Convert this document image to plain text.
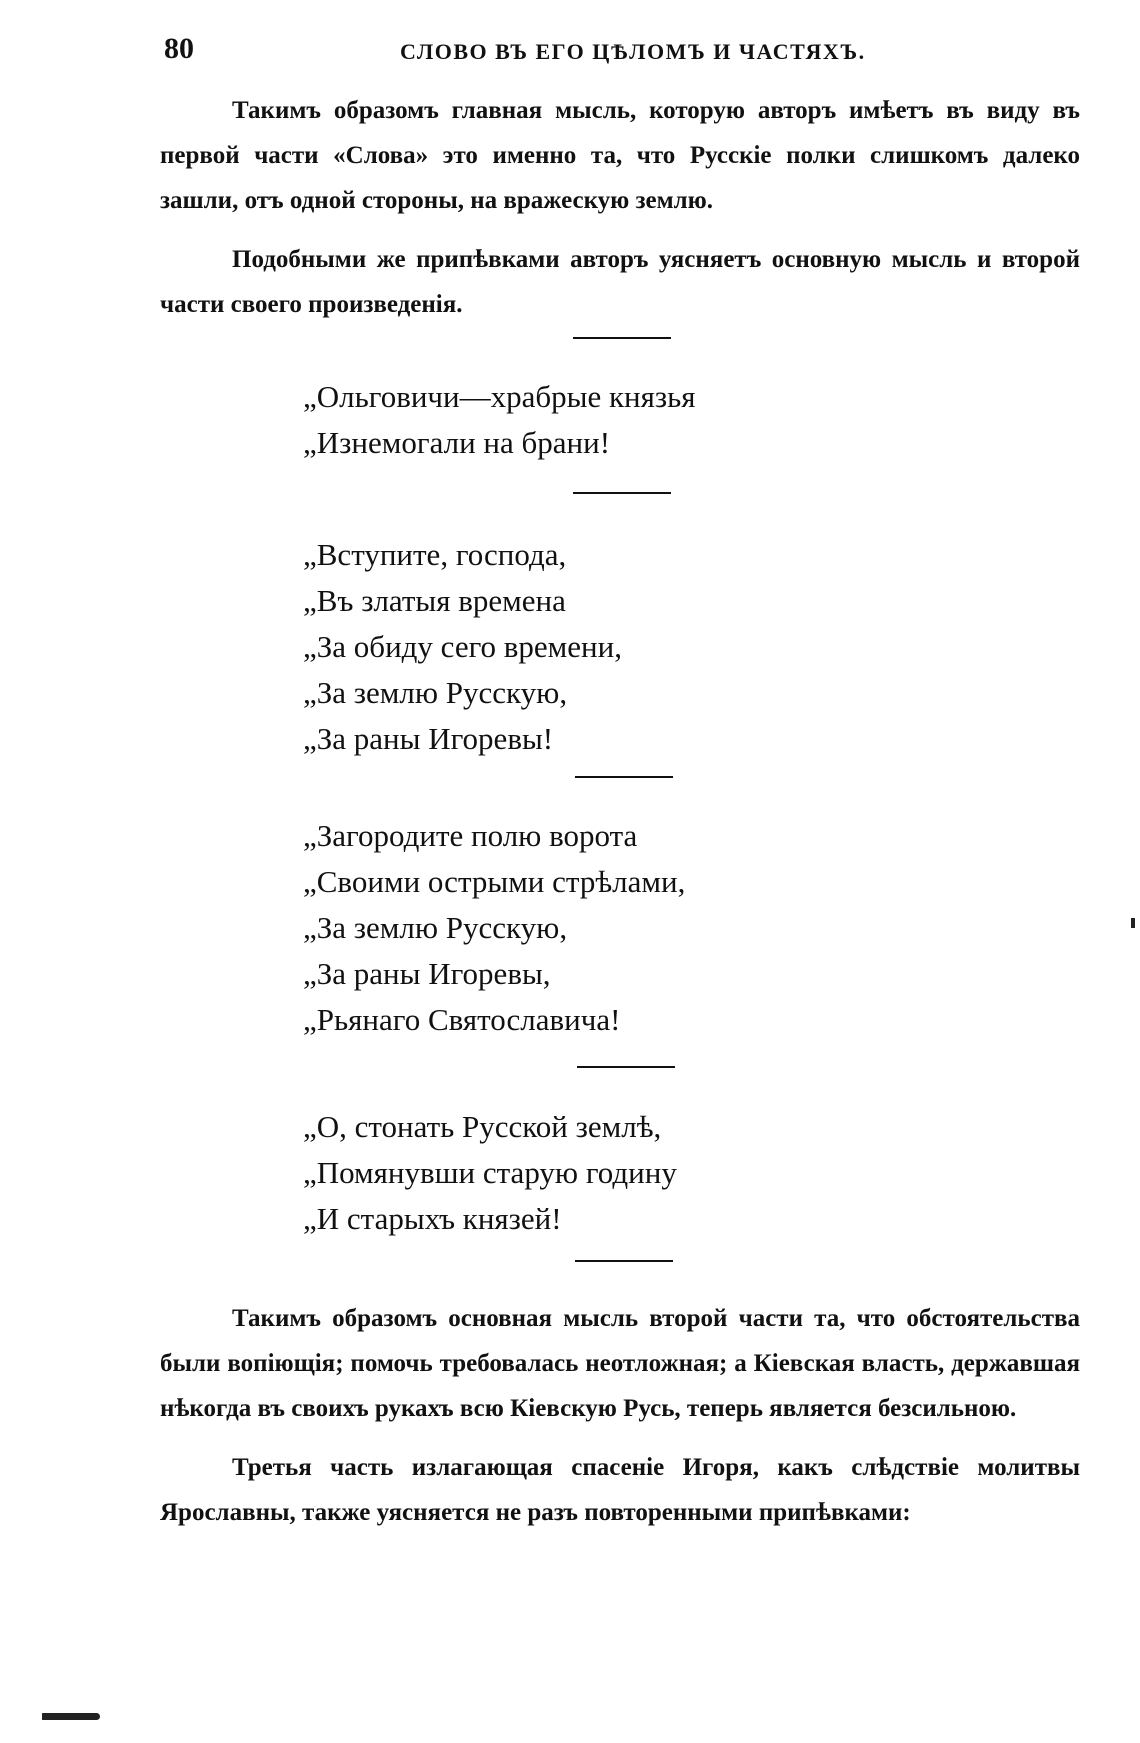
80	СЛОВО ВЪ ЕГО ЦѢЛОМЪ И ЧАСТЯХЪ.

Такимъ образомъ главная мысль, которую авторъ имѣетъ въ виду въ первой части «Слова» это именно та, что Русскіе полки слишкомъ далеко зашли, отъ одной стороны, на вражескую землю.

Подобными же припѣвками авторъ уясняетъ основную мысль и второй части своего произведенія.

„Ольговичи—храбрые князья
„Изнемогали на брани!
„Вступите, господа,
„Въ златыя времена
„За обиду сего времени,
„За землю Русскую,
„За раны Игоревы!
„Загородите полю ворота
„Своими острыми стрѣлами,
„За землю Русскую,
„За раны Игоревы,
„Рьянаго Святославича!
„О, стонать Русской землѣ,
„Помянувши старую годину
„И старыхъ князей!

Такимъ образомъ основная мысль второй части та, что обстоятельства были вопіющія; помочь требовалась неотложная; а Кіевская власть, державшая нѣкогда въ своихъ рукахъ всю Кіевскую Русь, теперь является безсильною.

Третья часть излагающая спасеніе Игоря, какъ слѣдствіе молитвы Ярославны, также уясняется не разъ повторенными припѣвками:
